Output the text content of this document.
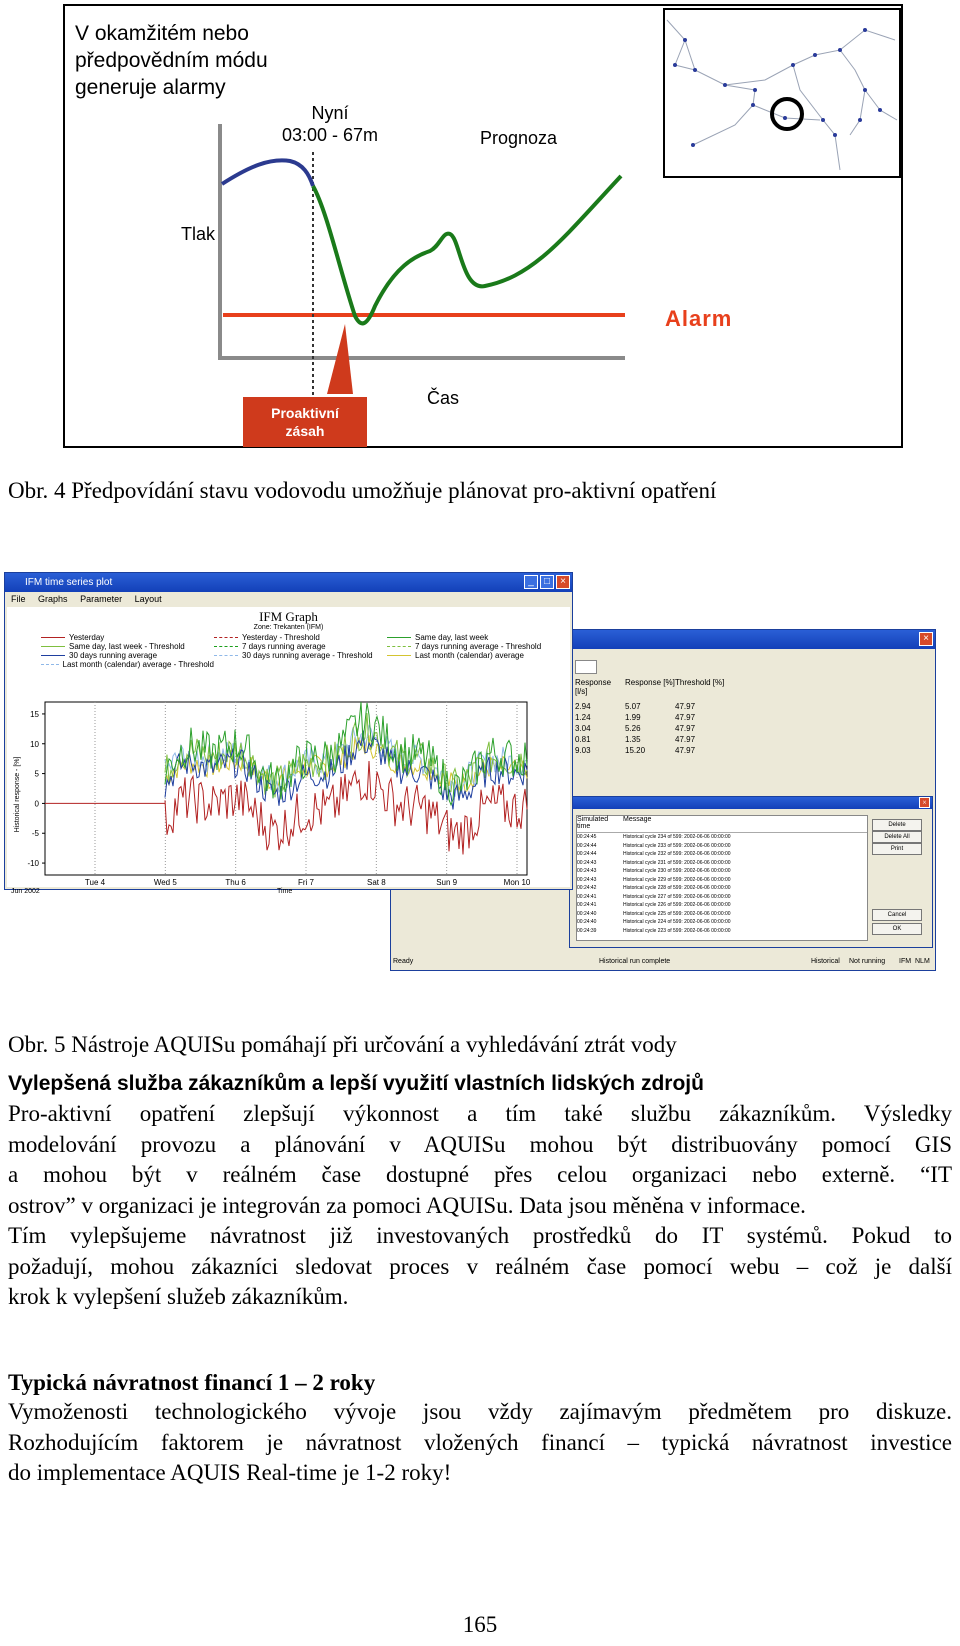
V okamžitém nebo
předpovědním módu
generuje alarmy
Nyní
03:00 - 67m	Prognoza
Tlak
Čas
Alarm
Proaktivní
zásah
Obr. 4 Předpovídání stavu vodovodu umožňuje plánovat pro-aktivní opatření
×
Response [l/s]
Response [%] Threshold [%]
2.94	5.07	47.97
1.24	1.99	47.97
3.04	5.26	47.97
0.81	1.35	47.97
9.03	15.20	47.97
×
Simulated time
Message
00:24:45	Historical cycle 234 of 599: 2002-06-06 00:00:00
00:24:44	Historical cycle 233 of 599: 2002-06-06 00:00:00
00:24:44	Historical cycle 232 of 599: 2002-06-06 00:00:00
00:24:43	Historical cycle 231 of 599: 2002-06-06 00:00:00
00:24:43	Historical cycle 230 of 599: 2002-06-06 00:00:00
00:24:43	Historical cycle 229 of 599: 2002-06-06 00:00:00
00:24:42	Historical cycle 228 of 599: 2002-06-06 00:00:00
00:24:41	Historical cycle 227 of 599: 2002-06-06 00:00:00
00:24:41	Historical cycle 226 of 599: 2002-06-06 00:00:00
00:24:40	Historical cycle 225 of 599: 2002-06-06 00:00:00
00:24:40	Historical cycle 224 of 599: 2002-06-06 00:00:00
00:24:39	Historical cycle 223 of 599: 2002-06-06 00:00:00
Delete
Delete All
Print
Cancel
OK
Ready	Historical run complete	Historical	Not running	IFM NLM
IFM time series plot	_	□	×
File Graphs Parameter Layout
IFM Graph
Zone: Trekanten (IFM)
Yesterday	Yesterday - Threshold	Same day, last week
Same day, last week - Threshold	7 days running average	7 days running average - Threshold
30 days running average	30 days running average - Threshold	Last month (calendar) average
Last month (calendar) average - Threshold
15
10
5
0
-5
-10
Historical response - [%]
Tue 4	Wed 5	Thu 6	Fri 7	Sat 8	Sun 9	Mon 10
Jun 2002	Time
Obr. 5 Nástroje AQUISu pomáhají při určování a vyhledávání ztrát vody
Vylepšená služba zákazníkům a lepší využití vlastních lidských zdrojů
Pro-aktivní opatření zlepšují výkonnost a tím také službu zákazníkům. Výsledky
modelování provozu a plánování v AQUISu mohou být distribuovány pomocí GIS
a mohou být v reálném čase dostupné přes celou organizaci nebo externě. “IT
ostrov” v organizaci je integrován za pomoci AQUISu. Data jsou měněna v informace.
Tím vylepšujeme návratnost již investovaných prostředků do IT systémů. Pokud to
požadují, mohou zákazníci sledovat proces v reálném čase pomocí webu – což je další
krok k vylepšení služeb zákazníkům.
Typická návratnost financí 1 – 2 roky
Vymoženosti technologického vývoje jsou vždy zajímavým předmětem pro diskuze.
Rozhodujícím faktorem je návratnost vložených financí – typická návratnost investice
do implementace AQUIS Real-time je 1-2 roky!
165
